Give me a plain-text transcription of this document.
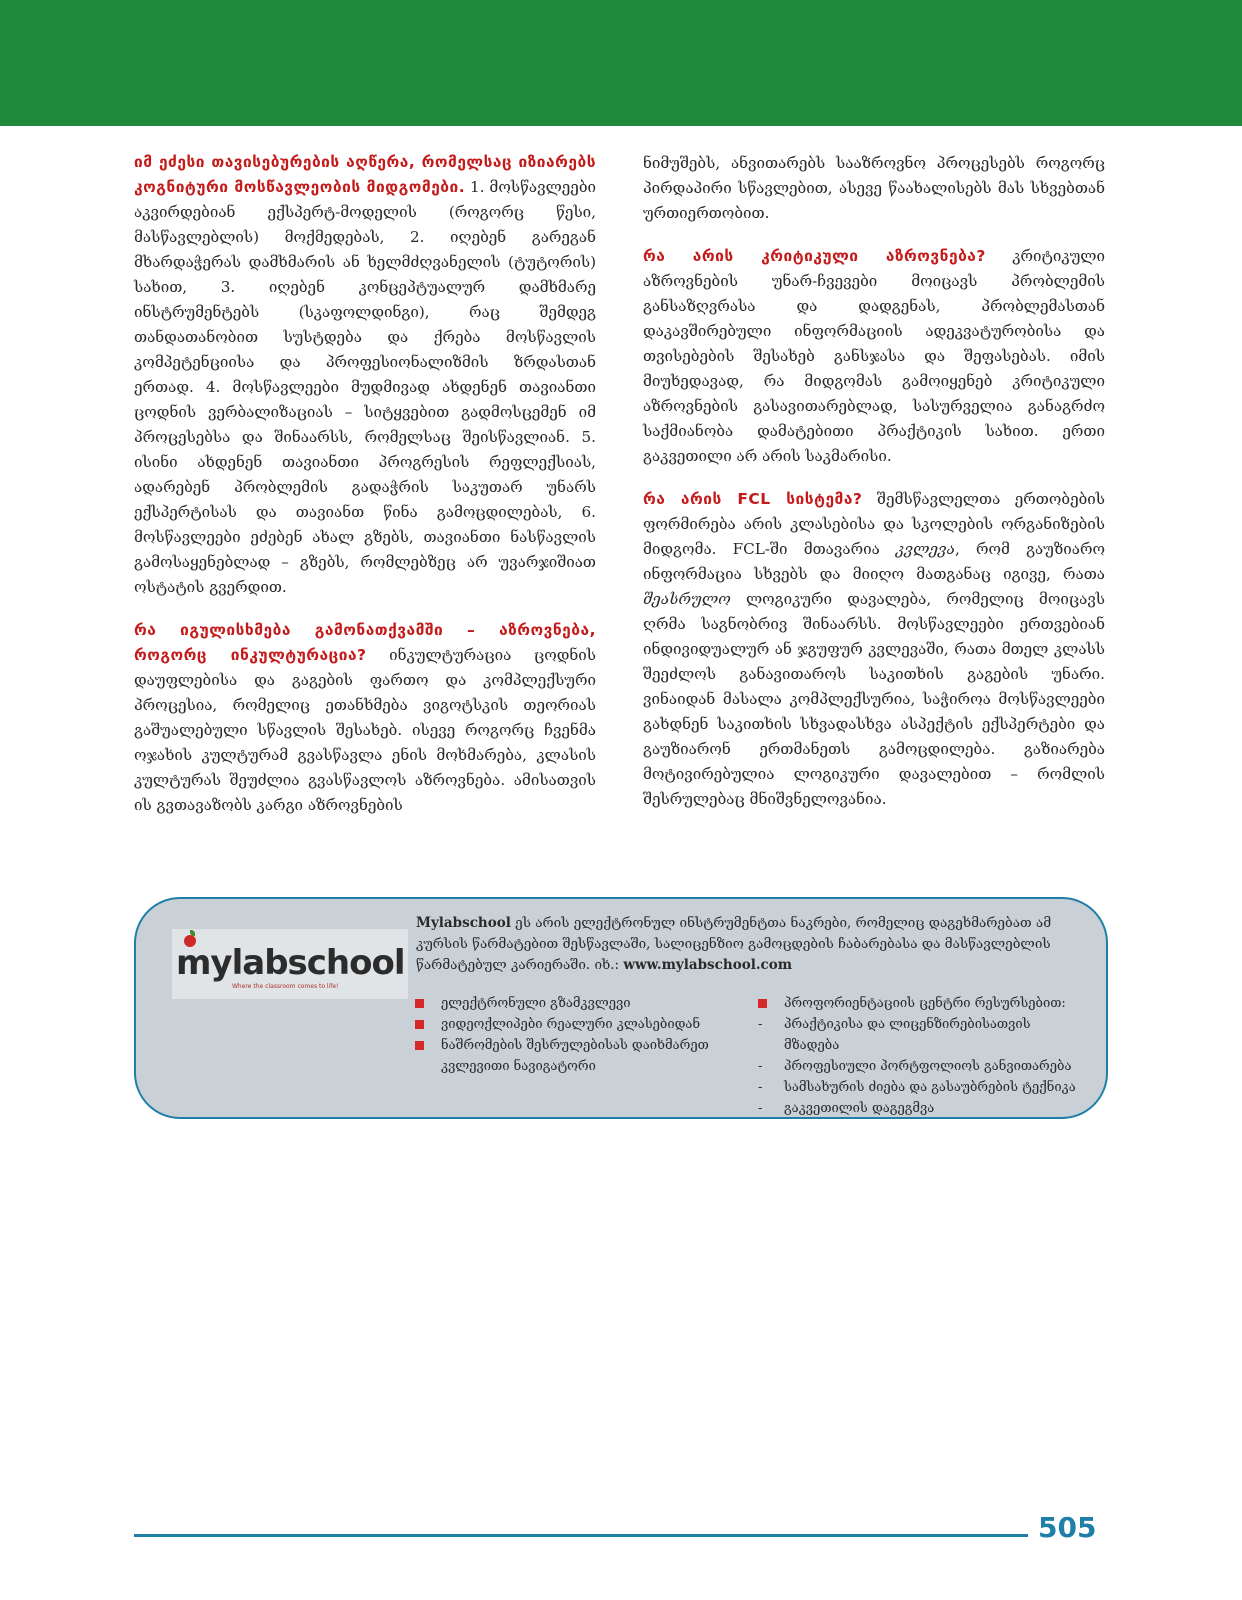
იმ ეძესი თავისებურების აღწერა, რომელსაც იზიარებს კოგნიტური მოსწავლეობის მიდგომები. 1. მოსწავლეები აკვირდებიან ექსპერტ-მოდელის (როგორც წესი, მასწავლებლის) მოქმედებას, 2. იღებენ გარეგან მხარდაჭერას დამხმარის ან ხელმძღვანელის (ტუტორის) სახით, 3. იღებენ კონცეპტუალურ დამხმარე ინსტრუმენტებს (სკაფოლდინგი), რაც შემდეგ თანდათანობით სუსტდება და ქრება მოსწავლის კომპეტენციისა და პროფესიონალიზმის ზრდასთან ერთად. 4. მოსწავლეები მუდმივად ახდენენ თავიანთი ცოდნის ვერბალიზაციას – სიტყვებით გადმოსცემენ იმ პროცესებსა და შინაარსს, რომელსაც შეისწავლიან. 5. ისინი ახდენენ თავიანთი პროგრესის რეფლექსიას, ადარებენ პრობლემის გადაჭრის საკუთარ უნარს ექსპერტისას და თავიანთ წინა გამოცდილებას, 6. მოსწავლეები ეძებენ ახალ გზებს, თავიანთი ნასწავლის გამოსაყენებლად – გზებს, რომლებზეც არ უვარჯიშიათ ოსტატის გვერდით.

რა იგულისხმება გამონათქვამში – აზროვნება, როგორც ინკულტურაცია? ინკულტურაცია ცოდნის დაუფლებისა და გაგების ფართო და კომპლექსური პროცესია, რომელიც ეთანხმება ვიგოტსკის თეორიას გაშუალებული სწავლის შესახებ. ისევე როგორც ჩვენმა ოჯახის კულტურამ გვასწავლა ენის მოხმარება, კლასის კულტურას შეუძლია გვასწავლოს აზროვნება. ამისათვის ის გვთავაზობს კარგი აზროვნების

ნიმუშებს, ანვითარებს სააზროვნო პროცესებს როგორც პირდაპირი სწავლებით, ასევე წაახალისებს მას სხვებთან ურთიერთობით.

რა არის კრიტიკული აზროვნება? კრიტიკული აზროვნების უნარ-ჩვევები მოიცავს პრობლემის განსაზღვრასა და დადგენას, პრობლემასთან დაკავშირებული ინფორმაციის ადეკვატურობისა და თვისებების შესახებ განსჯასა და შეფასებას. იმის მიუხედავად, რა მიდგომას გამოიყენებ კრიტიკული აზროვნების გასავითარებლად, სასურველია განაგრძო საქმიანობა დამატებითი პრაქტიკის სახით. ერთი გაკვეთილი არ არის საკმარისი.

რა არის FCL სისტემა? შემსწავლელთა ერთობების ფორმირება არის კლასებისა და სკოლების ორგანიზების მიდგომა. FCL-ში მთავარია კვლევა, რომ გაუზიარო ინფორმაცია სხვებს და მიიღო მათგანაც იგივე, რათა შეასრულო ლოგიკური დავალება, რომელიც მოიცავს ღრმა საგნობრივ შინაარსს. მოსწავლეები ერთვებიან ინდივიდუალურ ან ჯგუფურ კვლევაში, რათა მთელ კლასს შეეძლოს განავითაროს საკითხის გაგების უნარი. ვინაიდან მასალა კომპლექსურია, საჭიროა მოსწავლეები გახდნენ საკითხის სხვადასხვა ასპექტის ექსპერტები და გაუზიარონ ერთმანეთს გამოცდილება. გაზიარება მოტივირებულია ლოგიკური დავალებით – რომლის შესრულებაც მნიშვნელოვანია.

mylabschool
Where the classroom comes to life!
Mylabschool ეს არის ელექტრონულ ინსტრუმენტთა ნაკრები, რომელიც დაგეხმარებათ ამ კურსის წარმატებით შესწავლაში, სალიცენზიო გამოცდების ჩაბარებასა და მასწავლებლის წარმატებულ კარიერაში. იხ.: www.mylabschool.com
ელექტრონული გზამკვლევი
ვიდეოქლიპები რეალური კლასებიდან
ნაშრომების შესრულებისას დაიხმარეთ კვლევითი ნავიგატორი
პროფორიენტაციის ცენტრი რესურსებით:
- პრაქტიკისა და ლიცენზირებისათვის მზადება
- პროფესიული პორტფოლიოს განვითარება
- სამსახურის ძიება და გასაუბრების ტექნიკა
- გაკვეთილის დაგეგმვა
505
